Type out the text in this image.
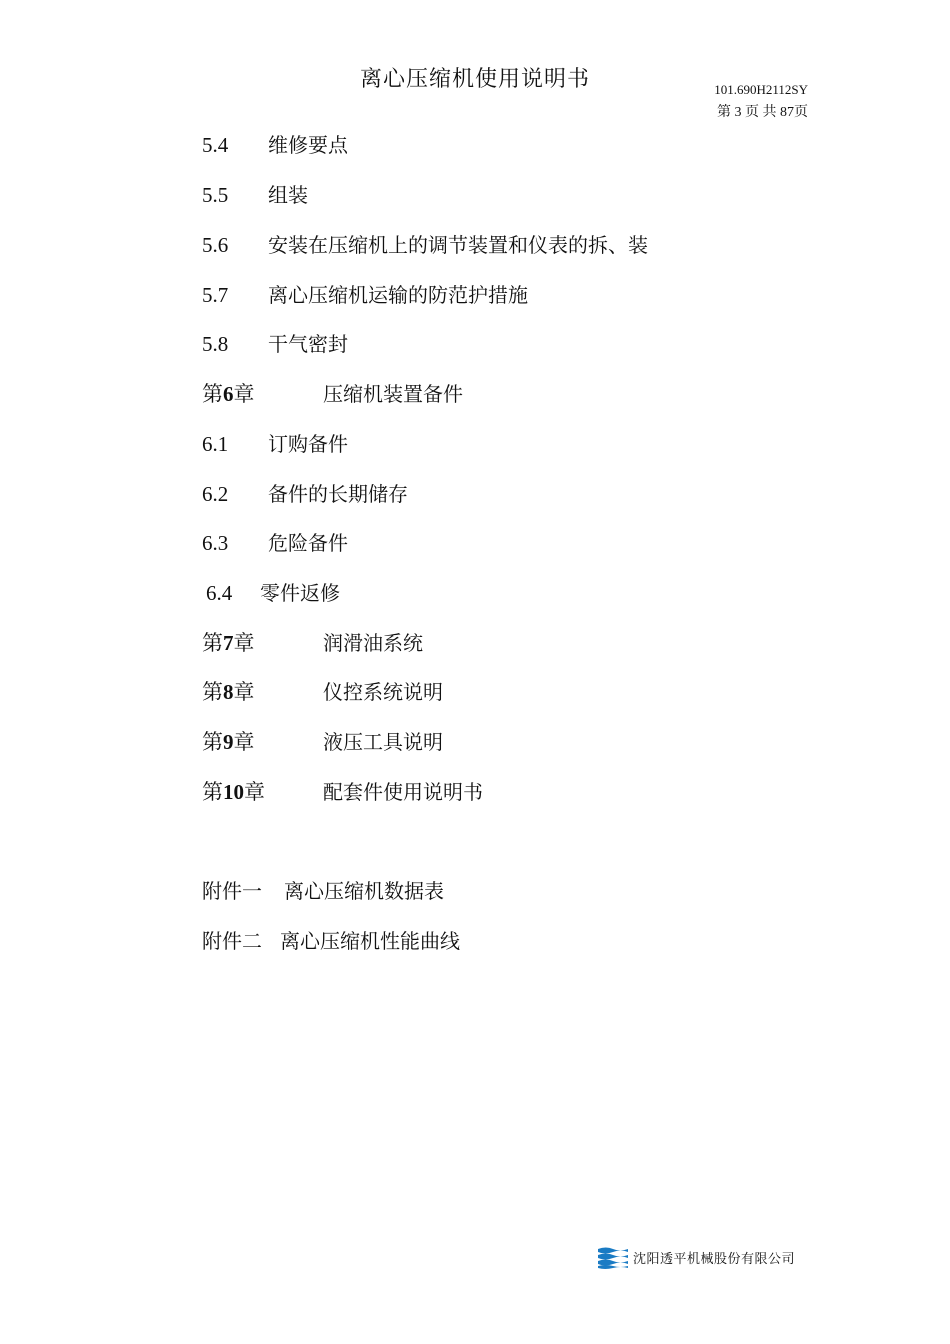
离心压缩机使用说明书	101.690H2112SY
第 3 页 共 87页
5.4 维修要点
5.5 组装
5.6 安装在压缩机上的调节装置和仪表的拆、装
5.7 离心压缩机运输的防范护措施
5.8 干气密封
第6章	压缩机装置备件
6.1 订购备件
6.2 备件的长期储存
6.3 危险备件
6.4 零件返修
第7章	润滑油系统
第8章	仪控系统说明
第9章	液压工具说明
第10章	配套件使用说明书
附件一 离心压缩机数据表
附件二 离心压缩机性能曲线
沈阳透平机械股份有限公司
